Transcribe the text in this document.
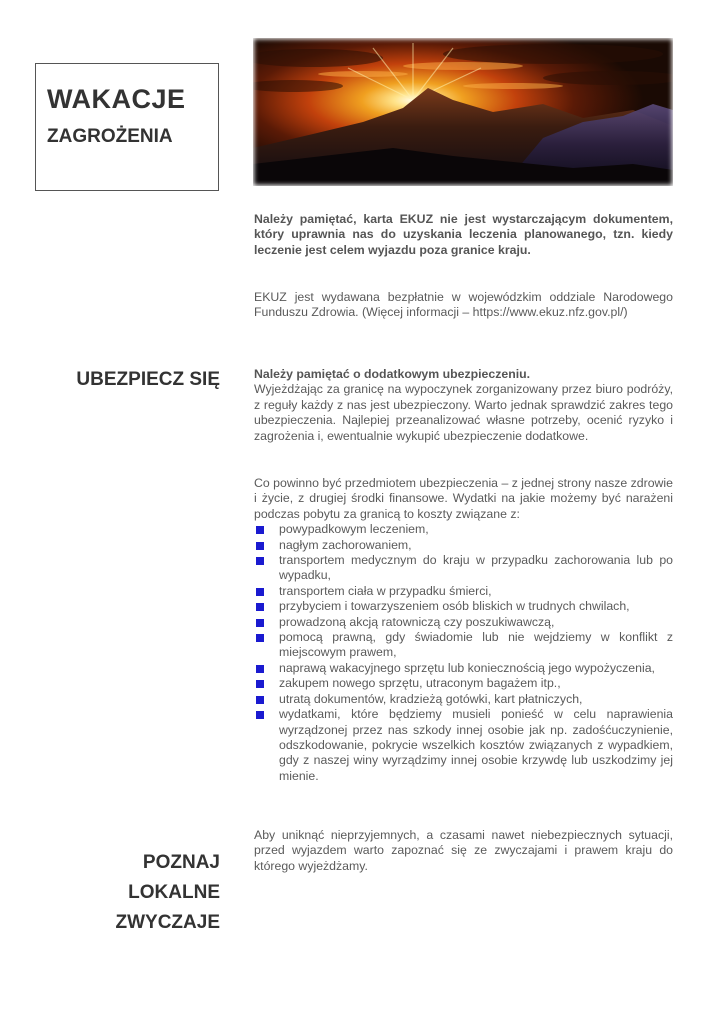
WAKACJE
ZAGROŻENIA

Należy pamiętać, karta EKUZ nie jest wystarczającym dokumentem, który uprawnia nas do uzyskania leczenia planowanego, tzn. kiedy leczenie jest celem wyjazdu poza granice kraju.

EKUZ jest wydawana bezpłatnie w wojewódzkim oddziale Narodowego Funduszu Zdrowia. (Więcej informacji – https://www.ekuz.nfz.gov.pl/)

UBEZPIECZ SIĘ	Należy pamiętać o dodatkowym ubezpieczeniu.

Wyjeżdżając za granicę na wypoczynek zorganizowany przez biuro podróży, z reguły każdy z nas jest ubezpieczony. Warto jednak sprawdzić zakres tego ubezpieczenia. Najlepiej przeanalizować własne potrzeby, ocenić ryzyko i zagrożenia i, ewentualnie wykupić ubezpieczenie dodatkowe.

Co powinno być przedmiotem ubezpieczenia – z jednej strony nasze zdrowie i życie, z drugiej środki finansowe. Wydatki na jakie możemy być narażeni podczas pobytu za granicą to koszty związane z:

powypadkowym leczeniem,
nagłym zachorowaniem,
transportem medycznym do kraju w przypadku zachorowania lub po wypadku,
transportem ciała w przypadku śmierci,
przybyciem i towarzyszeniem osób bliskich w trudnych chwilach,
prowadzoną akcją ratowniczą czy poszukiwawczą,
pomocą prawną, gdy świadomie lub nie wejdziemy w konflikt z miejscowym prawem,
naprawą wakacyjnego sprzętu lub koniecznością jego wypożyczenia,
zakupem nowego sprzętu, utraconym bagażem itp.,
utratą dokumentów, kradzieżą gotówki, kart płatniczych,
wydatkami, które będziemy musieli ponieść w celu naprawienia wyrządzonej przez nas szkody innej osobie jak np. zadośćuczynienie, odszkodowanie, pokrycie wszelkich kosztów związanych z wypadkiem, gdy z naszej winy wyrządzimy innej osobie krzywdę lub uszkodzimy jej mienie.
POZNAJ
LOKALNE
ZWYCZAJE

Aby uniknąć nieprzyjemnych, a czasami nawet niebezpiecznych sytuacji, przed wyjazdem warto zapoznać się ze zwyczajami i prawem kraju do którego wyjeżdżamy.
